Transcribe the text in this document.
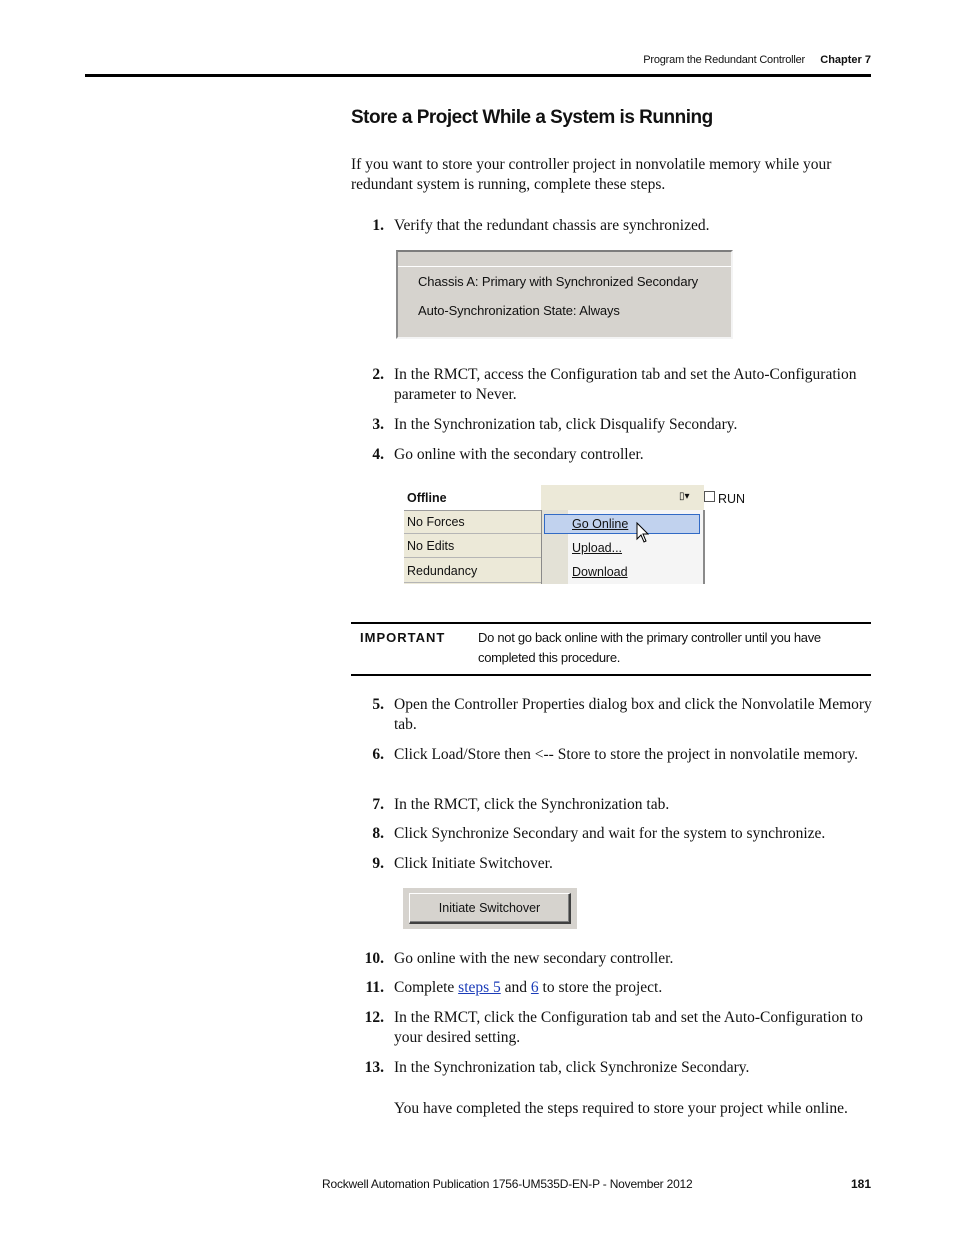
Program the Redundant Controller Chapter 7
Store a Project While a System is Running
If you want to store your controller project in nonvolatile memory while your redundant system is running, complete these steps.
1. Verify that the redundant chassis are synchronized.
Chassis A: Primary with Synchronized Secondary
Auto-Synchronization State: Always
2. In the RMCT, access the Configuration tab and set the Auto-Configuration parameter to Never.
3. In the Synchronization tab, click Disqualify Secondary.
4. Go online with the secondary controller.
Offline	▯▾ RUN
No Forces
No Edits
Redundancy
Go Online
Upload...
Download
IMPORTANT	Do not go back online with the primary controller until you have completed this procedure.
5. Open the Controller Properties dialog box and click the Nonvolatile Memory tab.
6. Click Load/Store then <-- Store to store the project in nonvolatile memory.
7. In the RMCT, click the Synchronization tab.
8. Click Synchronize Secondary and wait for the system to synchronize.
9. Click Initiate Switchover.
Initiate Switchover
10. Go online with the new secondary controller.
11. Complete steps 5 and 6 to store the project.
12. In the RMCT, click the Configuration tab and set the Auto-Configuration to your desired setting.
13. In the Synchronization tab, click Synchronize Secondary.
You have completed the steps required to store your project while online.
Rockwell Automation Publication 1756-UM535D-EN-P - November 2012	181
